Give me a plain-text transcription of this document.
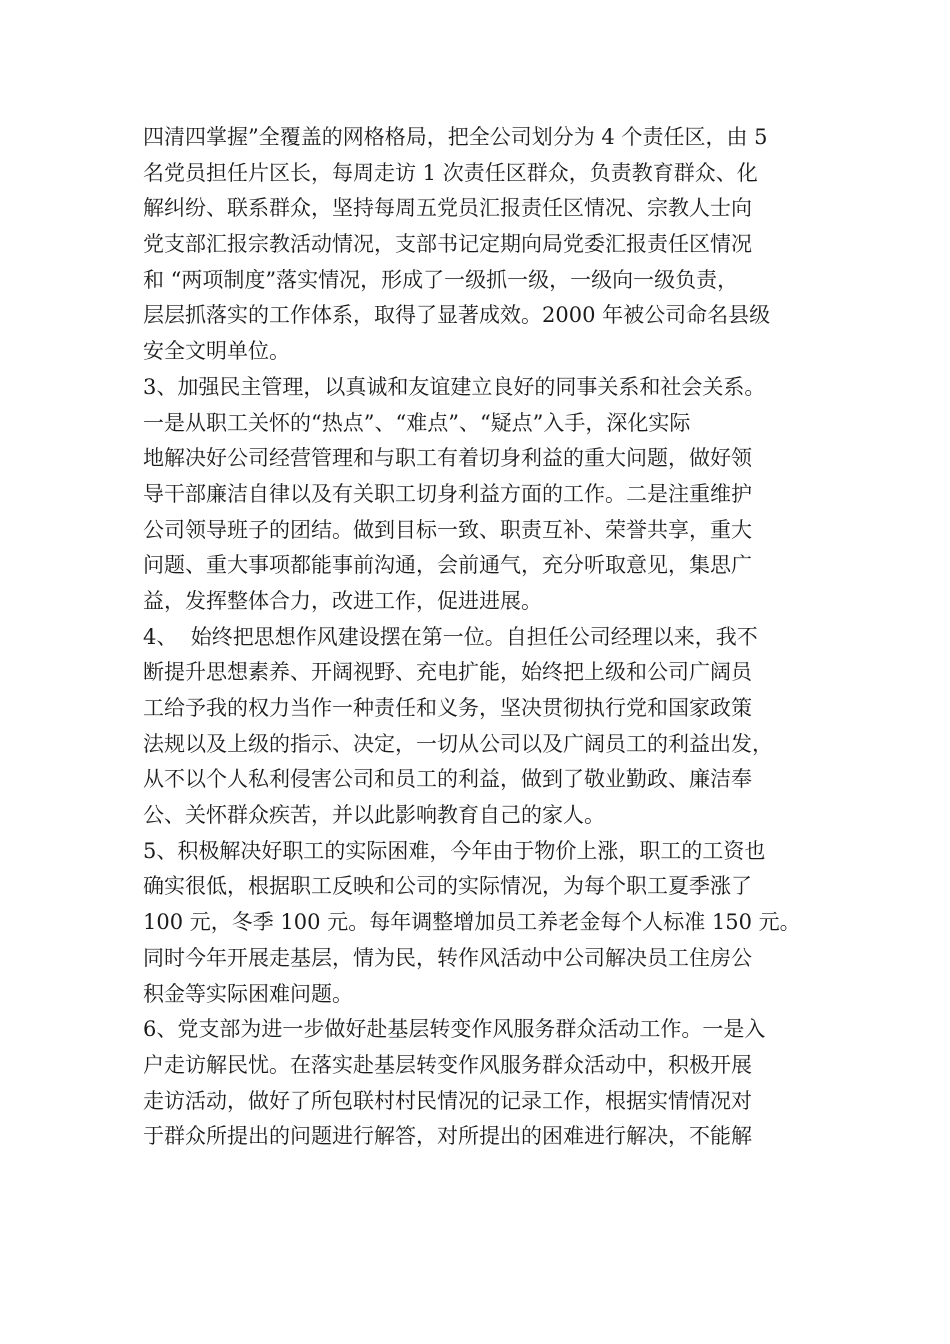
四清四掌握”全覆盖的网格格局，把全公司划分为 4 个责任区，由 5
名党员担任片区长，每周走访 1 次责任区群众，负责教育群众、化
解纠纷、联系群众，坚持每周五党员汇报责任区情况、宗教人士向
党支部汇报宗教活动情况，支部书记定期向局党委汇报责任区情况
和 “两项制度”落实情况，形成了一级抓一级，一级向一级负责，
层层抓落实的工作体系，取得了显著成效。2000 年被公司命名县级
安全文明单位。
3、加强民主管理，以真诚和友谊建立良好的同事关系和社会关系。
一是从职工关怀的“热点”、“难点”、“疑点”入手，深化实际
地解决好公司经营管理和与职工有着切身利益的重大问题，做好领
导干部廉洁自律以及有关职工切身利益方面的工作。二是注重维护
公司领导班子的团结。做到目标一致、职责互补、荣誉共享，重大
问题、重大事项都能事前沟通，会前通气，充分听取意见，集思广
益，发挥整体合力，改进工作，促进进展。
4、  始终把思想作风建设摆在第一位。自担任公司经理以来，我不
断提升思想素养、开阔视野、充电扩能，始终把上级和公司广阔员
工给予我的权力当作一种责任和义务，坚决贯彻执行党和国家政策
法规以及上级的指示、决定，一切从公司以及广阔员工的利益出发，
从不以个人私利侵害公司和员工的利益，做到了敬业勤政、廉洁奉
公、关怀群众疾苦，并以此影响教育自己的家人。
5、积极解决好职工的实际困难，今年由于物价上涨，职工的工资也
确实很低，根据职工反映和公司的实际情况，为每个职工夏季涨了
100 元，冬季 100 元。每年调整增加员工养老金每个人标准 150 元。
同时今年开展走基层，情为民，转作风活动中公司解决员工住房公
积金等实际困难问题。
6、党支部为进一步做好赴基层转变作风服务群众活动工作。一是入
户走访解民忧。在落实赴基层转变作风服务群众活动中，积极开展
走访活动，做好了所包联村村民情况的记录工作，根据实情情况对
于群众所提出的问题进行解答，对所提出的困难进行解决，不能解
